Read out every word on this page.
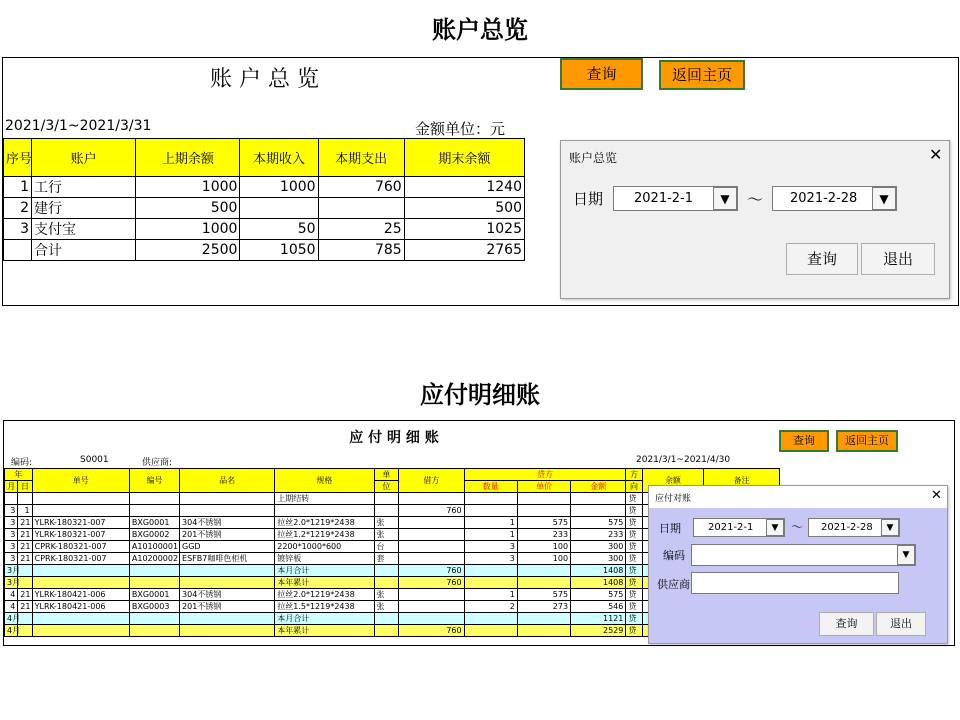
账户总览
账 户 总 览
2021/3/1~2021/3/31	金额单位：元
序号	账户	上期余额	本期收入	本期支出	期末余额
1	工行	1000	1000	760	1240
2	建行	500			500
3	支付宝	1000	50	25	1025
	合计	2500	1050	785	2765
查询	返回主页
账户总览	✕
日期 2021-2-1	▼	～ 2021-2-28	▼
查询	退出
应付明细账
应 付 明 细 账
编码:	S0001	供应商:	2021/3/1~2021/4/30
年		单号	编号	品名	规格	单	借方	贷方			方	余额	备注
月	日					位		数量	单价	金额	向		
					上期结转						贷		
3	1						760				贷		
3	21	YLRK-180321-007	BXG0001	304不锈钢	拉丝2.0*1219*2438	张		1	575	575	贷		
3	21	YLRK-180321-007	BXG0002	201不锈钢	拉丝1.2*1219*2438	张		1	233	233	贷		
3	21	CPRK-180321-007	A10100001	GGD	2200*1000*600	台		3	100	300	贷		
3	21	CPRK-180321-007	A10200002	ESFB7咖啡色柜机	镀锌板	套		3	100	300	贷		
3月					本月合计		760			1408	贷		
3月					本年累计		760			1408	贷		
4	21	YLRK-180421-006	BXG0001	304不锈钢	拉丝2.0*1219*2438	张		1	575	575	贷		
4	21	YLRK-180421-006	BXG0003	201不锈钢	拉丝1.5*1219*2438	张		2	273	546	贷		
4月					本月合计					1121	贷		
4月					本年累计		760			2529	贷		
查询	返回主页
应付对账	✕
日期	2021-2-1	▼	～ 2021-2-28	▼
编码	▼
供应商
查询	退出
